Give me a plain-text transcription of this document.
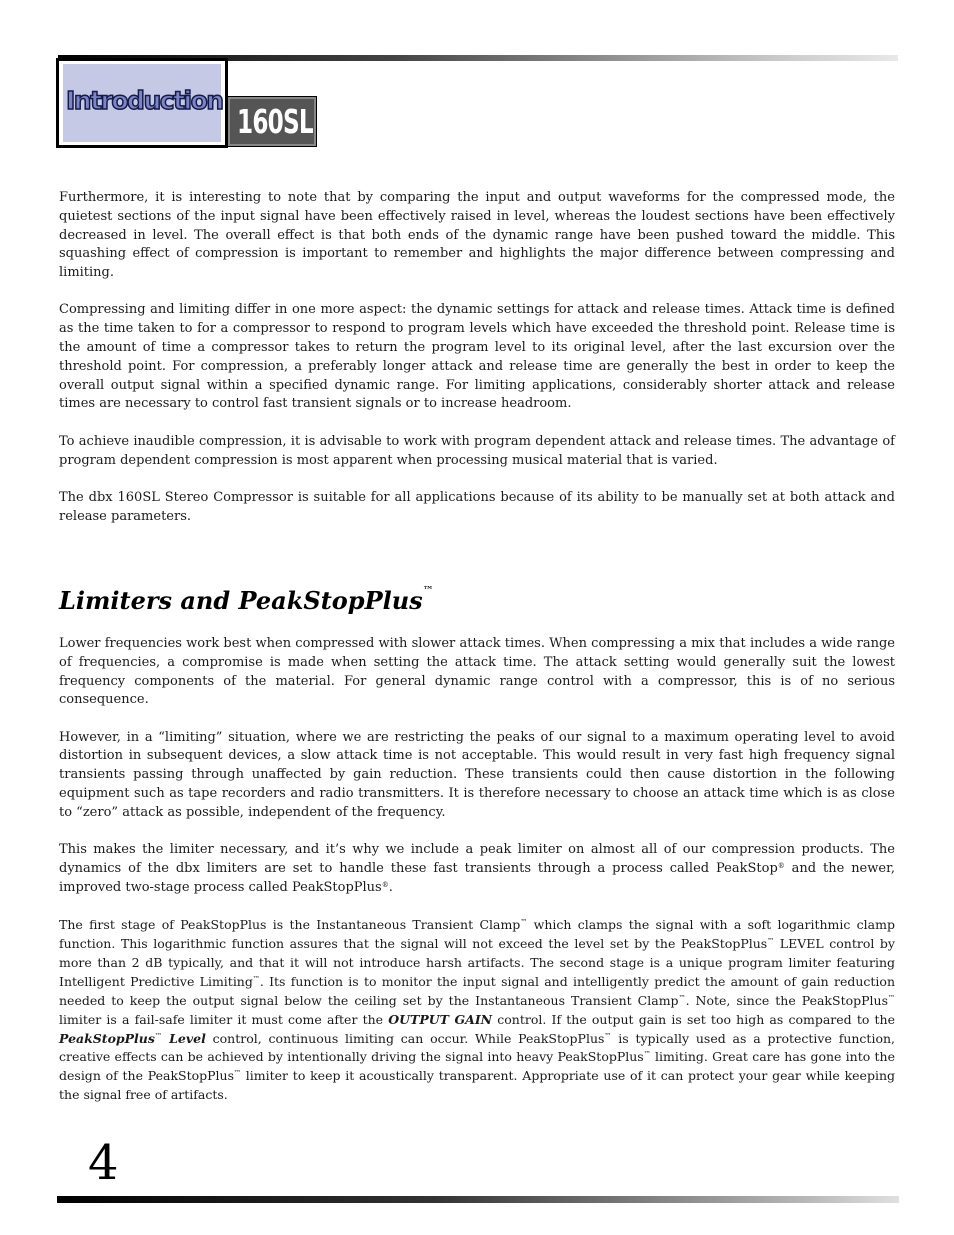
Introduction
160SL

Furthermore, it is interesting to note that by comparing the input and output waveforms for the compressed mode, the quietest sections of the input signal have been effectively raised in level, whereas the loudest sections have been effectively decreased in level. The overall effect is that both ends of the dynamic range have been pushed toward the middle. This squashing effect of compression is important to remember and highlights the major difference between compressing and limiting.

Compressing and limiting differ in one more aspect: the dynamic settings for attack and release times. Attack time is defined as the time taken to for a compressor to respond to program levels which have exceeded the threshold point. Release time is the amount of time a compressor takes to return the program level to its original level, after the last excursion over the threshold point. For compression, a preferably longer attack and release time are generally the best in order to keep the overall output signal within a specified dynamic range. For limiting applications, considerably shorter attack and release times are necessary to control fast transient signals or to increase headroom.

To achieve inaudible compression, it is advisable to work with program dependent attack and release times. The advantage of program dependent compression is most apparent when processing musical material that is varied.

The dbx 160SL Stereo Compressor is suitable for all applications because of its ability to be manually set at both attack and release parameters.

Limiters and PeakStopPlus™

Lower frequencies work best when compressed with slower attack times. When compressing a mix that includes a wide range of frequencies, a compromise is made when setting the attack time. The attack setting would generally suit the lowest frequency components of the material. For general dynamic range control with a compressor, this is of no serious consequence.

However, in a “limiting” situation, where we are restricting the peaks of our signal to a maximum operating level to avoid distortion in subsequent devices, a slow attack time is not acceptable. This would result in very fast high frequency signal transients passing through unaffected by gain reduction. These transients could then cause distortion in the following equipment such as tape recorders and radio transmitters. It is therefore necessary to choose an attack time which is as close to “zero” attack as possible, independent of the frequency.

This makes the limiter necessary, and it’s why we include a peak limiter on almost all of our compression products. The dynamics of the dbx limiters are set to handle these fast transients through a process called PeakStop® and the newer, improved two-stage process called PeakStopPlus®.

The first stage of PeakStopPlus is the Instantaneous Transient Clamp™ which clamps the signal with a soft logarithmic clamp function. This logarithmic function assures that the signal will not exceed the level set by the PeakStopPlus™ LEVEL control by more than 2 dB typically, and that it will not introduce harsh artifacts. The second stage is a unique program limiter featuring Intelligent Predictive Limiting™. Its function is to monitor the input signal and intelligently predict the amount of gain reduction needed to keep the output signal below the ceiling set by the Instantaneous Transient Clamp™. Note, since the PeakStopPlus™ limiter is a fail-safe limiter it must come after the OUTPUT GAIN control. If the output gain is set too high as compared to the PeakStopPlus™ Level control, continuous limiting can occur. While PeakStopPlus™ is typically used as a protective function, creative effects can be achieved by intentionally driving the signal into heavy PeakStopPlus™ limiting. Great care has gone into the design of the PeakStopPlus™ limiter to keep it acoustically transparent. Appropriate use of it can protect your gear while keeping the signal free of artifacts.

4
